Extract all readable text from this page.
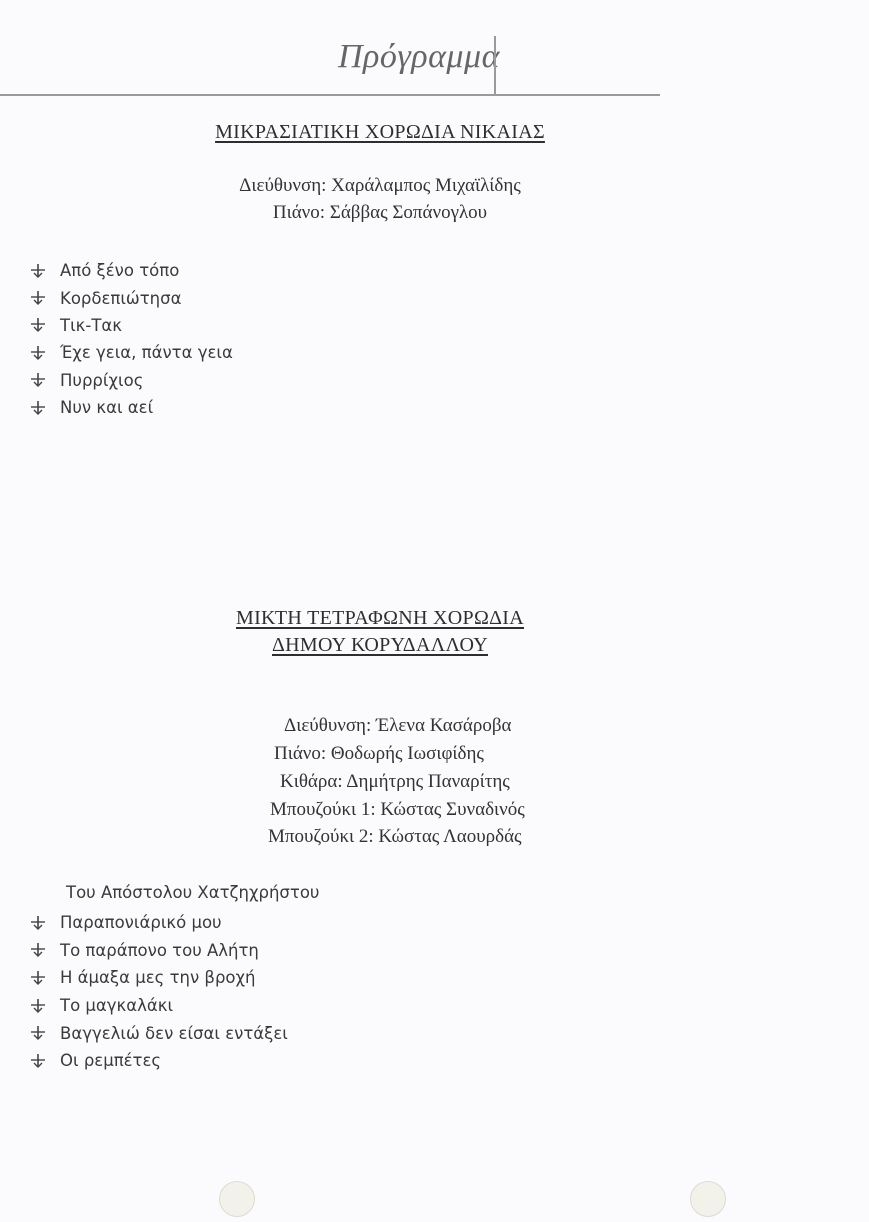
Πρόγραμμα
ΜΙΚΡΑΣΙΑΤΙΚΗ ΧΟΡΩΔΙΑ ΝΙΚΑΙΑΣ
Διεύθυνση: Χαράλαμπος Μιχαϊλίδης
Πιάνο: Σάββας Σοπάνογλου
Από ξένο τόπο
Κορδεπιώτησα
Τικ-Τακ
Έχε γεια, πάντα γεια
Πυρρίχιος
Νυν και αεί
ΜΙΚΤΗ ΤΕΤΡΑΦΩΝΗ ΧΟΡΩΔΙΑ
ΔΗΜΟΥ ΚΟΡΥΔΑΛΛΟΥ
Διεύθυνση: Έλενα Κασάροβα
Πιάνο: Θοδωρής Ιωσιφίδης
Κιθάρα: Δημήτρης Παναρίτης
Μπουζούκι 1: Κώστας Συναδινός
Μπουζούκι 2: Κώστας Λαουρδάς
Του Απόστολου Χατζηχρήστου
Παραπονιάρικό μου
Το παράπονο του Αλήτη
Η άμαξα μες την βροχή
Το μαγκαλάκι
Βαγγελιώ δεν είσαι εντάξει
Οι ρεμπέτες
